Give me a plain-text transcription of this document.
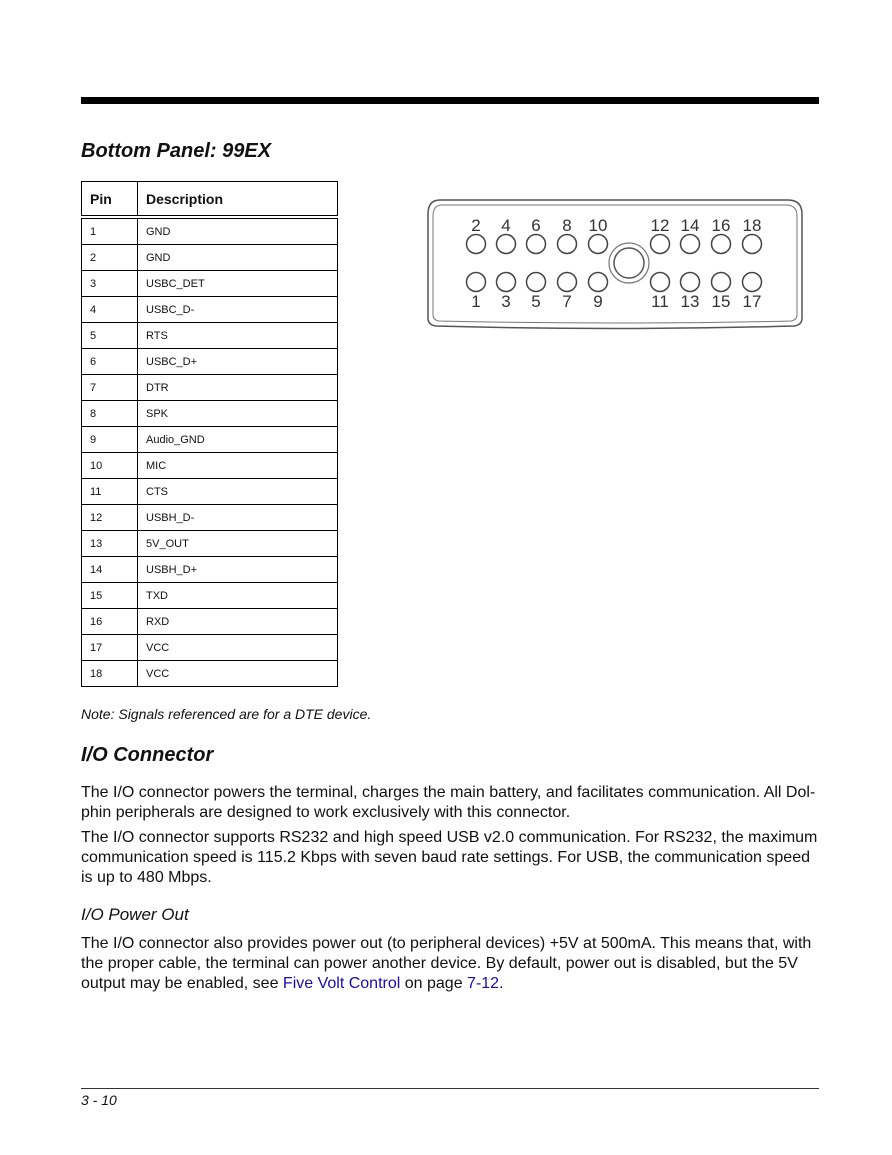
Bottom Panel: 99EX
Pin	Description
1	GND
2	GND
3	USBC_DET
4	USBC_D-
5	RTS
6	USBC_D+
7	DTR
8	SPK
9	Audio_GND
10	MIC
11	CTS
12	USBH_D-
13	5V_OUT
14	USBH_D+
15	TXD
16	RXD
17	VCC
18	VCC
Note: Signals referenced are for a DTE device.
2 4 6 8 10	12 14 16 18
1 3 5 7 9	11 13 15 17
I/O Connector

The I/O connector powers the terminal, charges the main battery, and facilitates communication. All Dol-phin peripherals are designed to work exclusively with this connector.

The I/O connector supports RS232 and high speed USB v2.0 communication. For RS232, the maximum communication speed is 115.2 Kbps with seven baud rate settings. For USB, the communication speed is up to 480 Mbps.

I/O Power Out

The I/O connector also provides power out (to peripheral devices) +5V at 500mA. This means that, with the proper cable, the terminal can power another device. By default, power out is disabled, but the 5V output may be enabled, see Five Volt Control on page 7-12.

3 - 10
